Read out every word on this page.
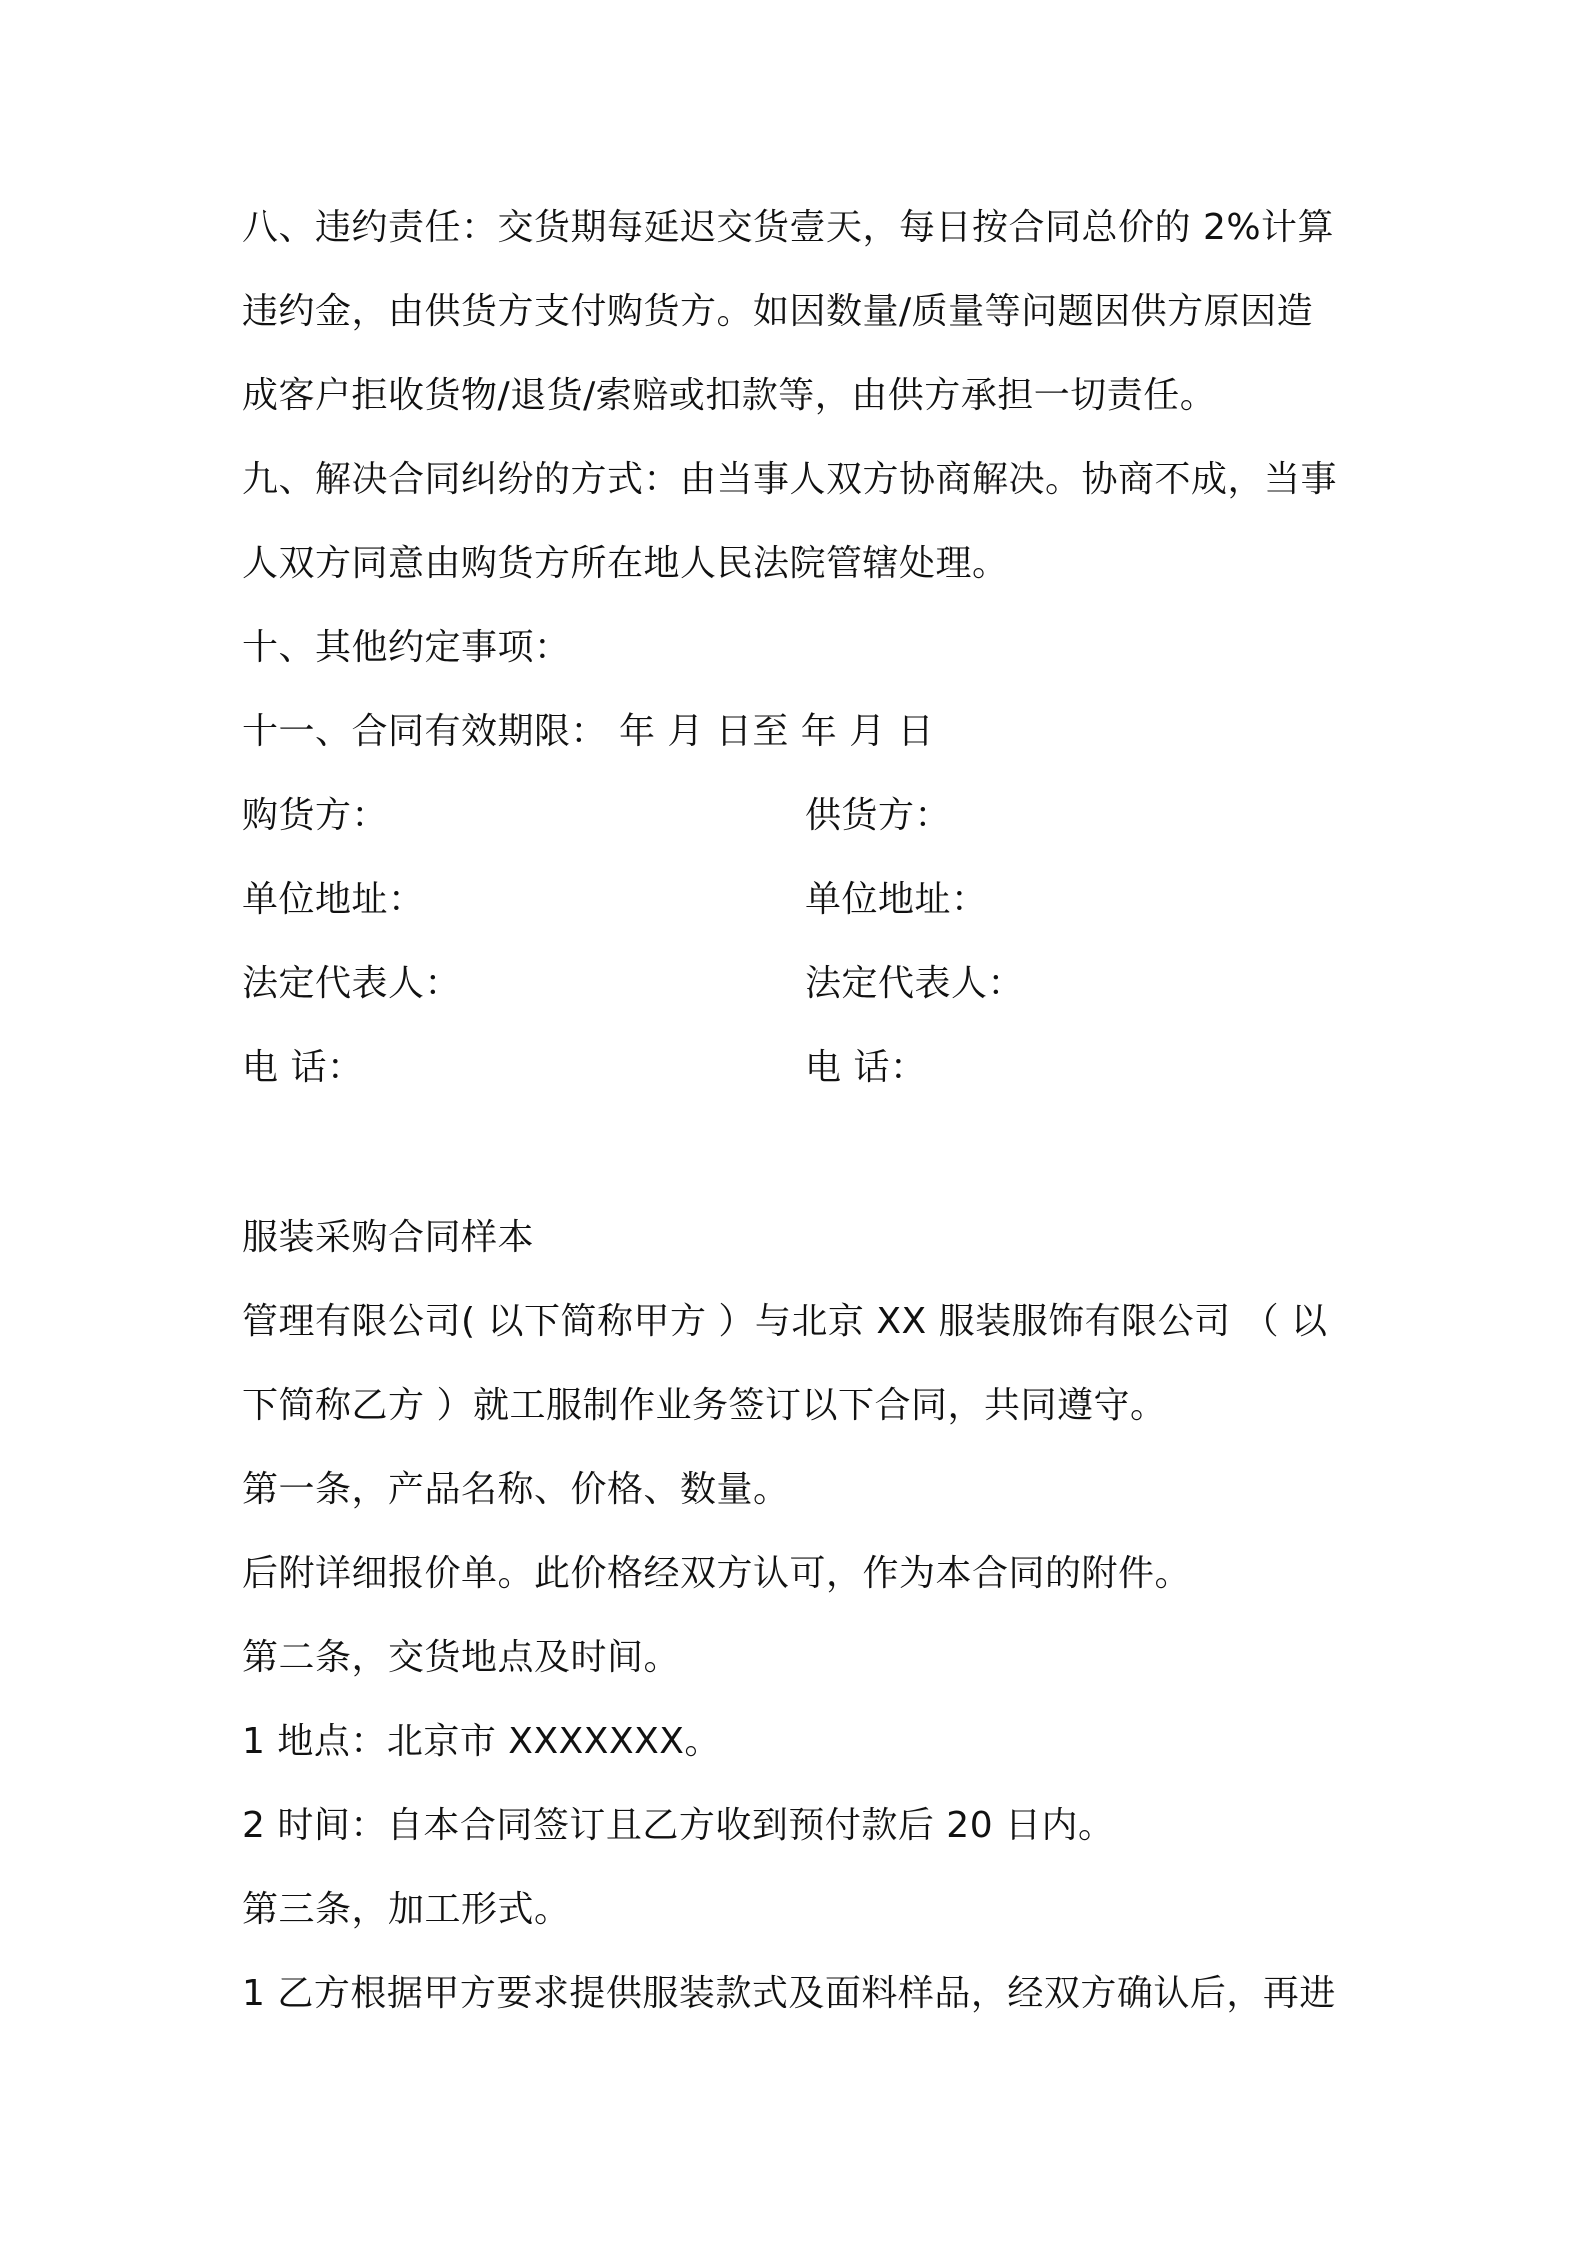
八、违约责任：交货期每延迟交货壹天，每日按合同总价的 2%计算
违约金，由供货方支付购货方。如因数量/质量等问题因供方原因造
成客户拒收货物/退货/索赔或扣款等，由供方承担一切责任。
九、解决合同纠纷的方式：由当事人双方协商解决。协商不成，当事
人双方同意由购货方所在地人民法院管辖处理。
十、其他约定事项：
十一、合同有效期限： 年 月 日至 年 月 日
购货方：	供货方：
单位地址：	单位地址：
法定代表人：	法定代表人：
电 话：	电 话：
服装采购合同样本
管理有限公司( 以下简称甲方 ）与北京 XX 服装服饰有限公司 （ 以
下简称乙方 ）就工服制作业务签订以下合同，共同遵守。
第一条，产品名称、价格、数量。
后附详细报价单。此价格经双方认可，作为本合同的附件。
第二条，交货地点及时间。
1 地点：北京市 XXXXXXX。
2 时间：自本合同签订且乙方收到预付款后 20 日内。
第三条，加工形式。
1 乙方根据甲方要求提供服装款式及面料样品，经双方确认后，再进
